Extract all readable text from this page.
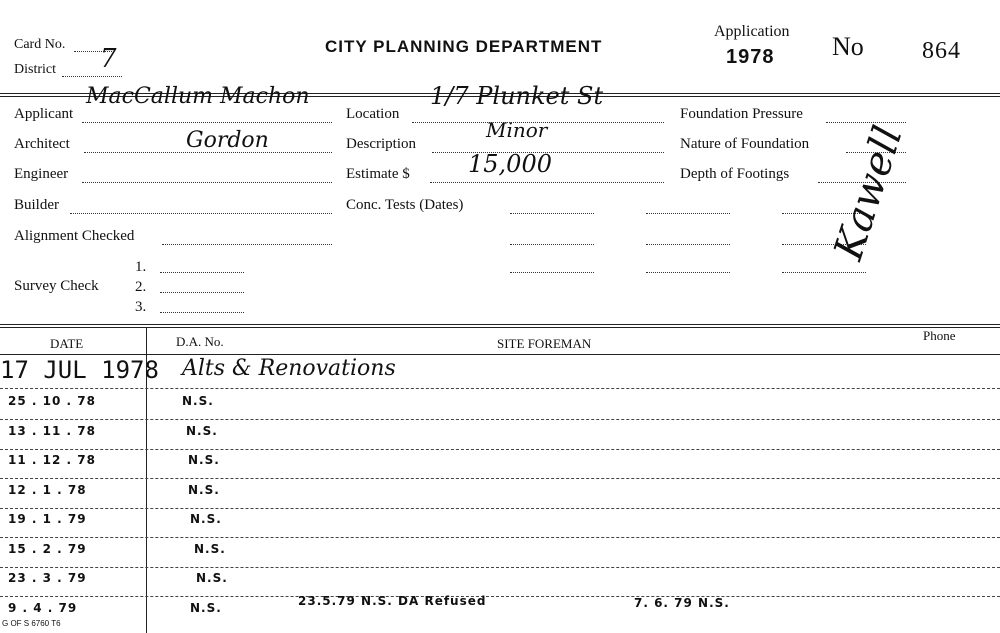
Card No.
District 7	CITY PLANNING DEPARTMENT
Application
1978 No 864
Applicant
MacCallum Machon
Architect	Gordon
Engineer
Builder
Alignment Checked
Survey Check
1.
2.
3.
Location
1/7 Plunket St
Description
Minor
Estimate $ 15,000
Conc. Tests (Dates)
Foundation Pressure
Nature of Foundation
Depth of Footings Kawell
DATE	D.A. No.	SITE FOREMAN
Phone
17 JUL 1978 Alts & Renovations
25 . 10 . 78	N.S.
13 . 11 . 78	N.S.
11 . 12 . 78	N.S.
12 . 1 . 78	N.S.
19 . 1 . 79	N.S.
15 . 2 . 79	N.S.
23 . 3 . 79	N.S.
9 . 4 . 79	N.S.	23.5.79 N.S. DA Refused	7. 6. 79 N.S.
G OF S 6760 T6
